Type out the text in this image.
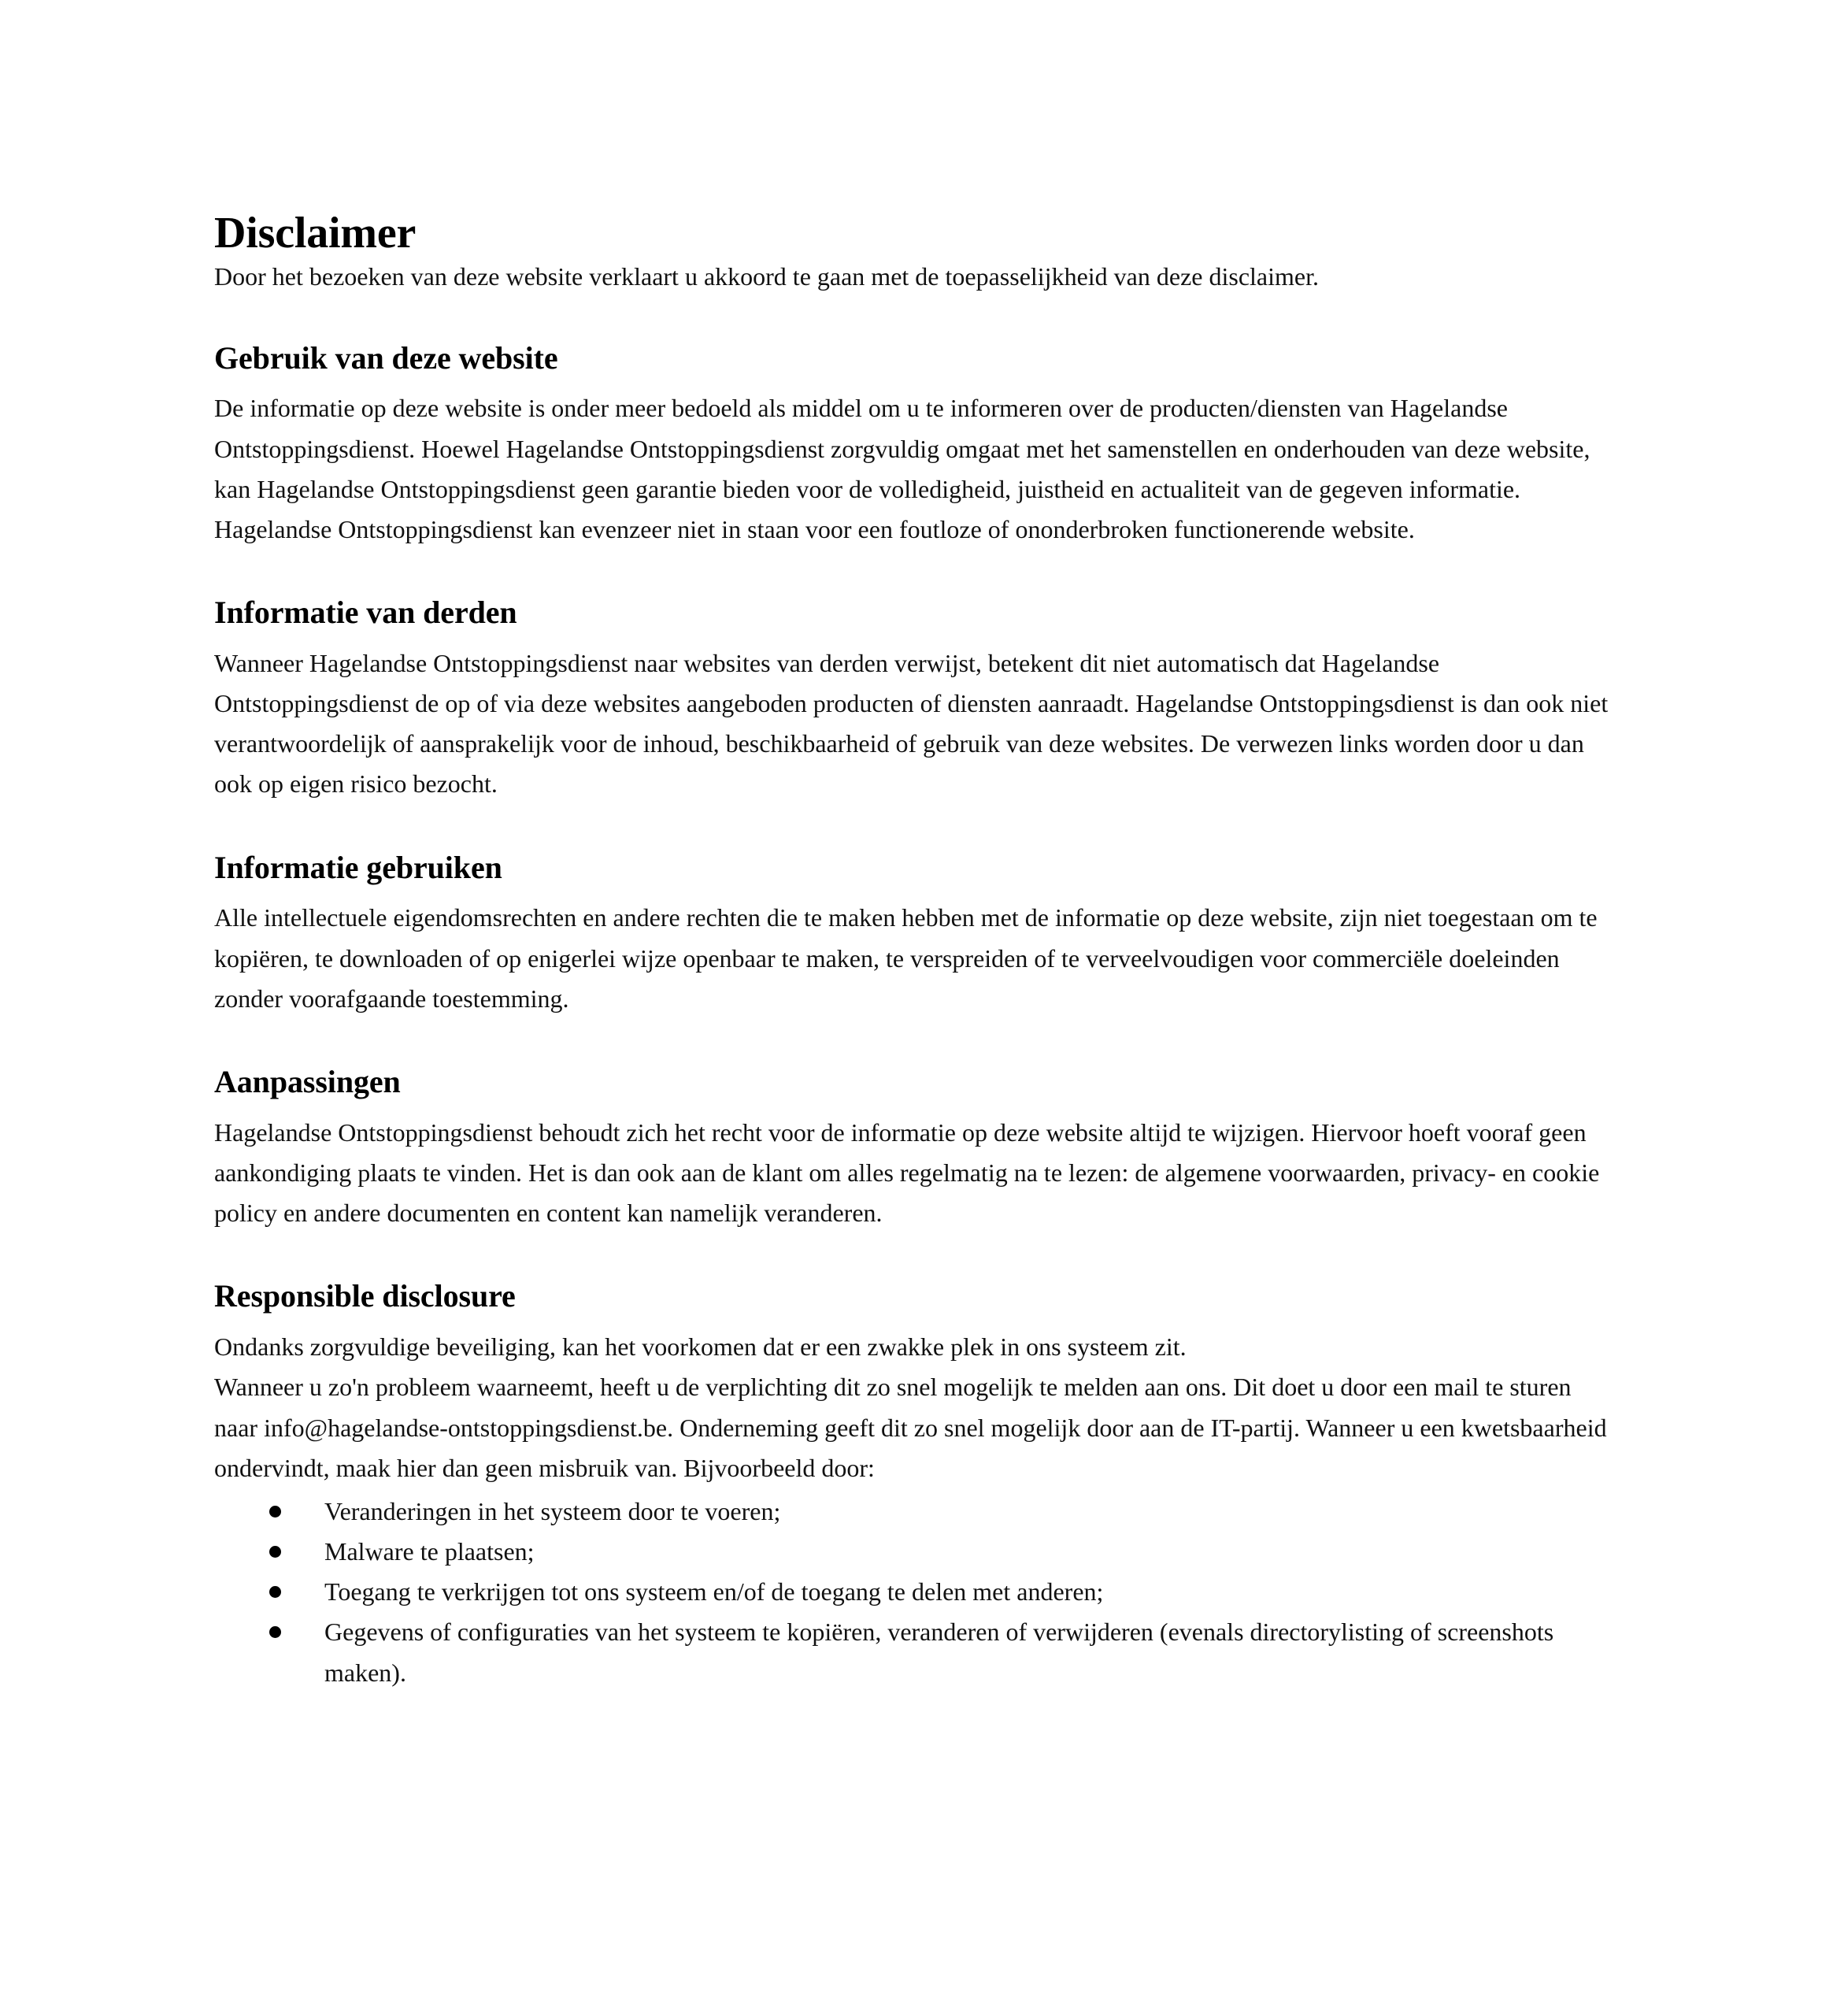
Disclaimer

Door het bezoeken van deze website verklaart u akkoord te gaan met de toepasselijkheid van deze disclaimer.

Gebruik van deze website

De informatie op deze website is onder meer bedoeld als middel om u te informeren over de producten/diensten van Hagelandse Ontstoppingsdienst. Hoewel Hagelandse Ontstoppingsdienst zorgvuldig omgaat met het samenstellen en onderhouden van deze website, kan Hagelandse Ontstoppingsdienst geen garantie bieden voor de volledigheid, juistheid en actualiteit van de gegeven informatie. Hagelandse Ontstoppingsdienst kan evenzeer niet in staan voor een foutloze of ononderbroken functionerende website.

Informatie van derden

Wanneer Hagelandse Ontstoppingsdienst naar websites van derden verwijst, betekent dit niet automatisch dat Hagelandse Ontstoppingsdienst de op of via deze websites aangeboden producten of diensten aanraadt. Hagelandse Ontstoppingsdienst is dan ook niet verantwoordelijk of aansprakelijk voor de inhoud, beschikbaarheid of gebruik van deze websites. De verwezen links worden door u dan ook op eigen risico bezocht.

Informatie gebruiken

Alle intellectuele eigendomsrechten en andere rechten die te maken hebben met de informatie op deze website, zijn niet toegestaan om te kopiëren, te downloaden of op enigerlei wijze openbaar te maken, te verspreiden of te verveelvoudigen voor commerciële doeleinden zonder voorafgaande toestemming.

Aanpassingen

Hagelandse Ontstoppingsdienst behoudt zich het recht voor de informatie op deze website altijd te wijzigen. Hiervoor hoeft vooraf geen aankondiging plaats te vinden. Het is dan ook aan de klant om alles regelmatig na te lezen: de algemene voorwaarden, privacy- en cookie policy en andere documenten en content kan namelijk veranderen.

Responsible disclosure

Ondanks zorgvuldige beveiliging, kan het voorkomen dat er een zwakke plek in ons systeem zit.

Wanneer u zo'n probleem waarneemt, heeft u de verplichting dit zo snel mogelijk te melden aan ons. Dit doet u door een mail te sturen naar info@hagelandse-ontstoppingsdienst.be. Onderneming geeft dit zo snel mogelijk door aan de IT-partij. Wanneer u een kwetsbaarheid ondervindt, maak hier dan geen misbruik van. Bijvoorbeeld door:

Veranderingen in het systeem door te voeren;
Malware te plaatsen;
Toegang te verkrijgen tot ons systeem en/of de toegang te delen met anderen;
Gegevens of configuraties van het systeem te kopiëren, veranderen of verwijderen (evenals directorylisting of screenshots maken).
